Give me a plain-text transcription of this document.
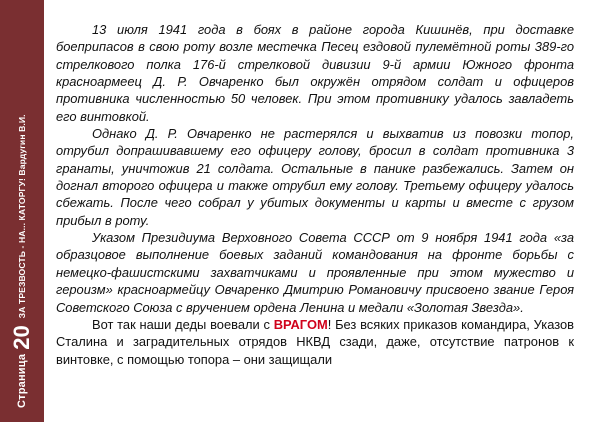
Страница
20
ЗА ТРЕЗВОСТЬ - НА... КАТОРГУ! Вардугин В.И.

13 июля 1941 года в боях в районе города Кишинёв, при доставке боеприпасов в свою роту возле местечка Песец ездовой пулемётной роты 389-го стрелкового полка 176-й стрелковой дивизии 9-й армии Южного фронта красноармеец Д. Р. Овчаренко был окружён отрядом солдат и офицеров противника численностью 50 человек. При этом противнику удалось завладеть его винтовкой.

Однако Д. Р. Овчаренко не растерялся и выхватив из повозки топор, отрубил допрашивавшему его офицеру голову, бросил в солдат противника 3 гранаты, уничтожив 21 солдата. Остальные в панике разбежались. Затем он догнал второго офицера и также отрубил ему голову. Третьему офицеру удалось сбежать. После чего собрал у убитых документы и карты и вместе с грузом прибыл в роту.

Указом Президиума Верховного Совета СССР от 9 ноября 1941 года «за образцовое выполнение боевых заданий командования на фронте борьбы с немецко-фашистскими захватчиками и проявленные при этом мужество и героизм» красноармейцу Овчаренко Дмитрию Романовичу присвоено звание Героя Советского Союза с вручением ордена Ленина и медали «Золотая Звезда».

Вот так наши деды воевали с ВРАГОМ! Без всяких приказов командира, Указов Сталина и заградительных отрядов НКВД сзади, даже, отсутствие патронов к винтовке, с помощью топора – они защищали
